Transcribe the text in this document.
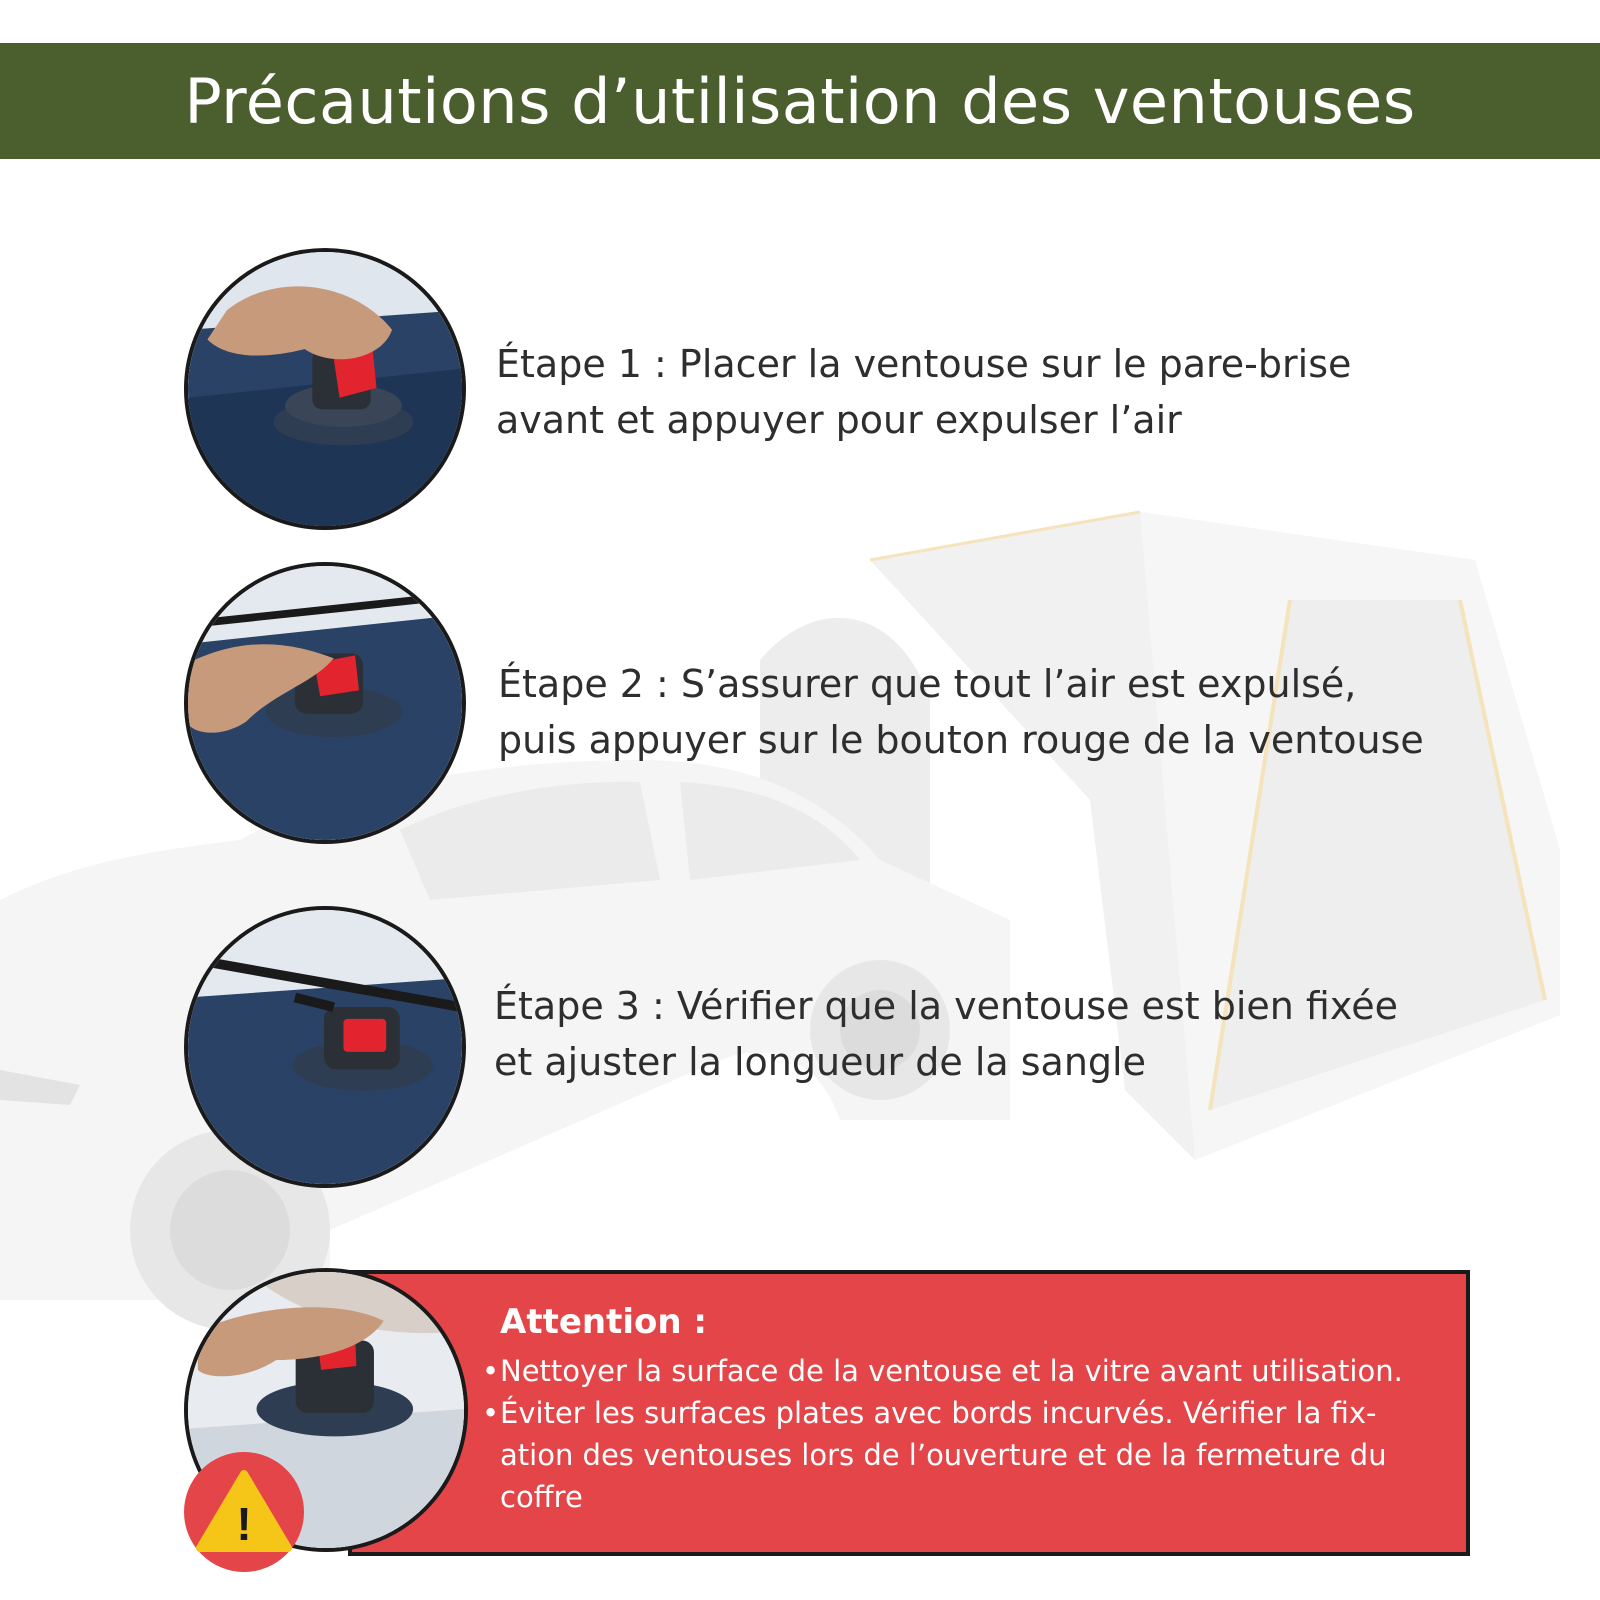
Précautions d’utilisation des ventouses

Étape 1 : Placer la ventouse sur le pare-brise
avant et appuyer pour expulser l’air

Étape 2 : S’assurer que tout l’air est expulsé,
puis appuyer sur le bouton rouge de la ventouse

Étape 3 : Vérifier que la ventouse est bien fixée
et ajuster la longueur de la sangle

!

Attention :

• Nettoyer la surface de la ventouse et la vitre avant utilisation.
• Éviter les surfaces plates avec bords incurvés. Vérifier la fix-
ation des ventouses lors de l’ouverture et de la fermeture du
coffre
